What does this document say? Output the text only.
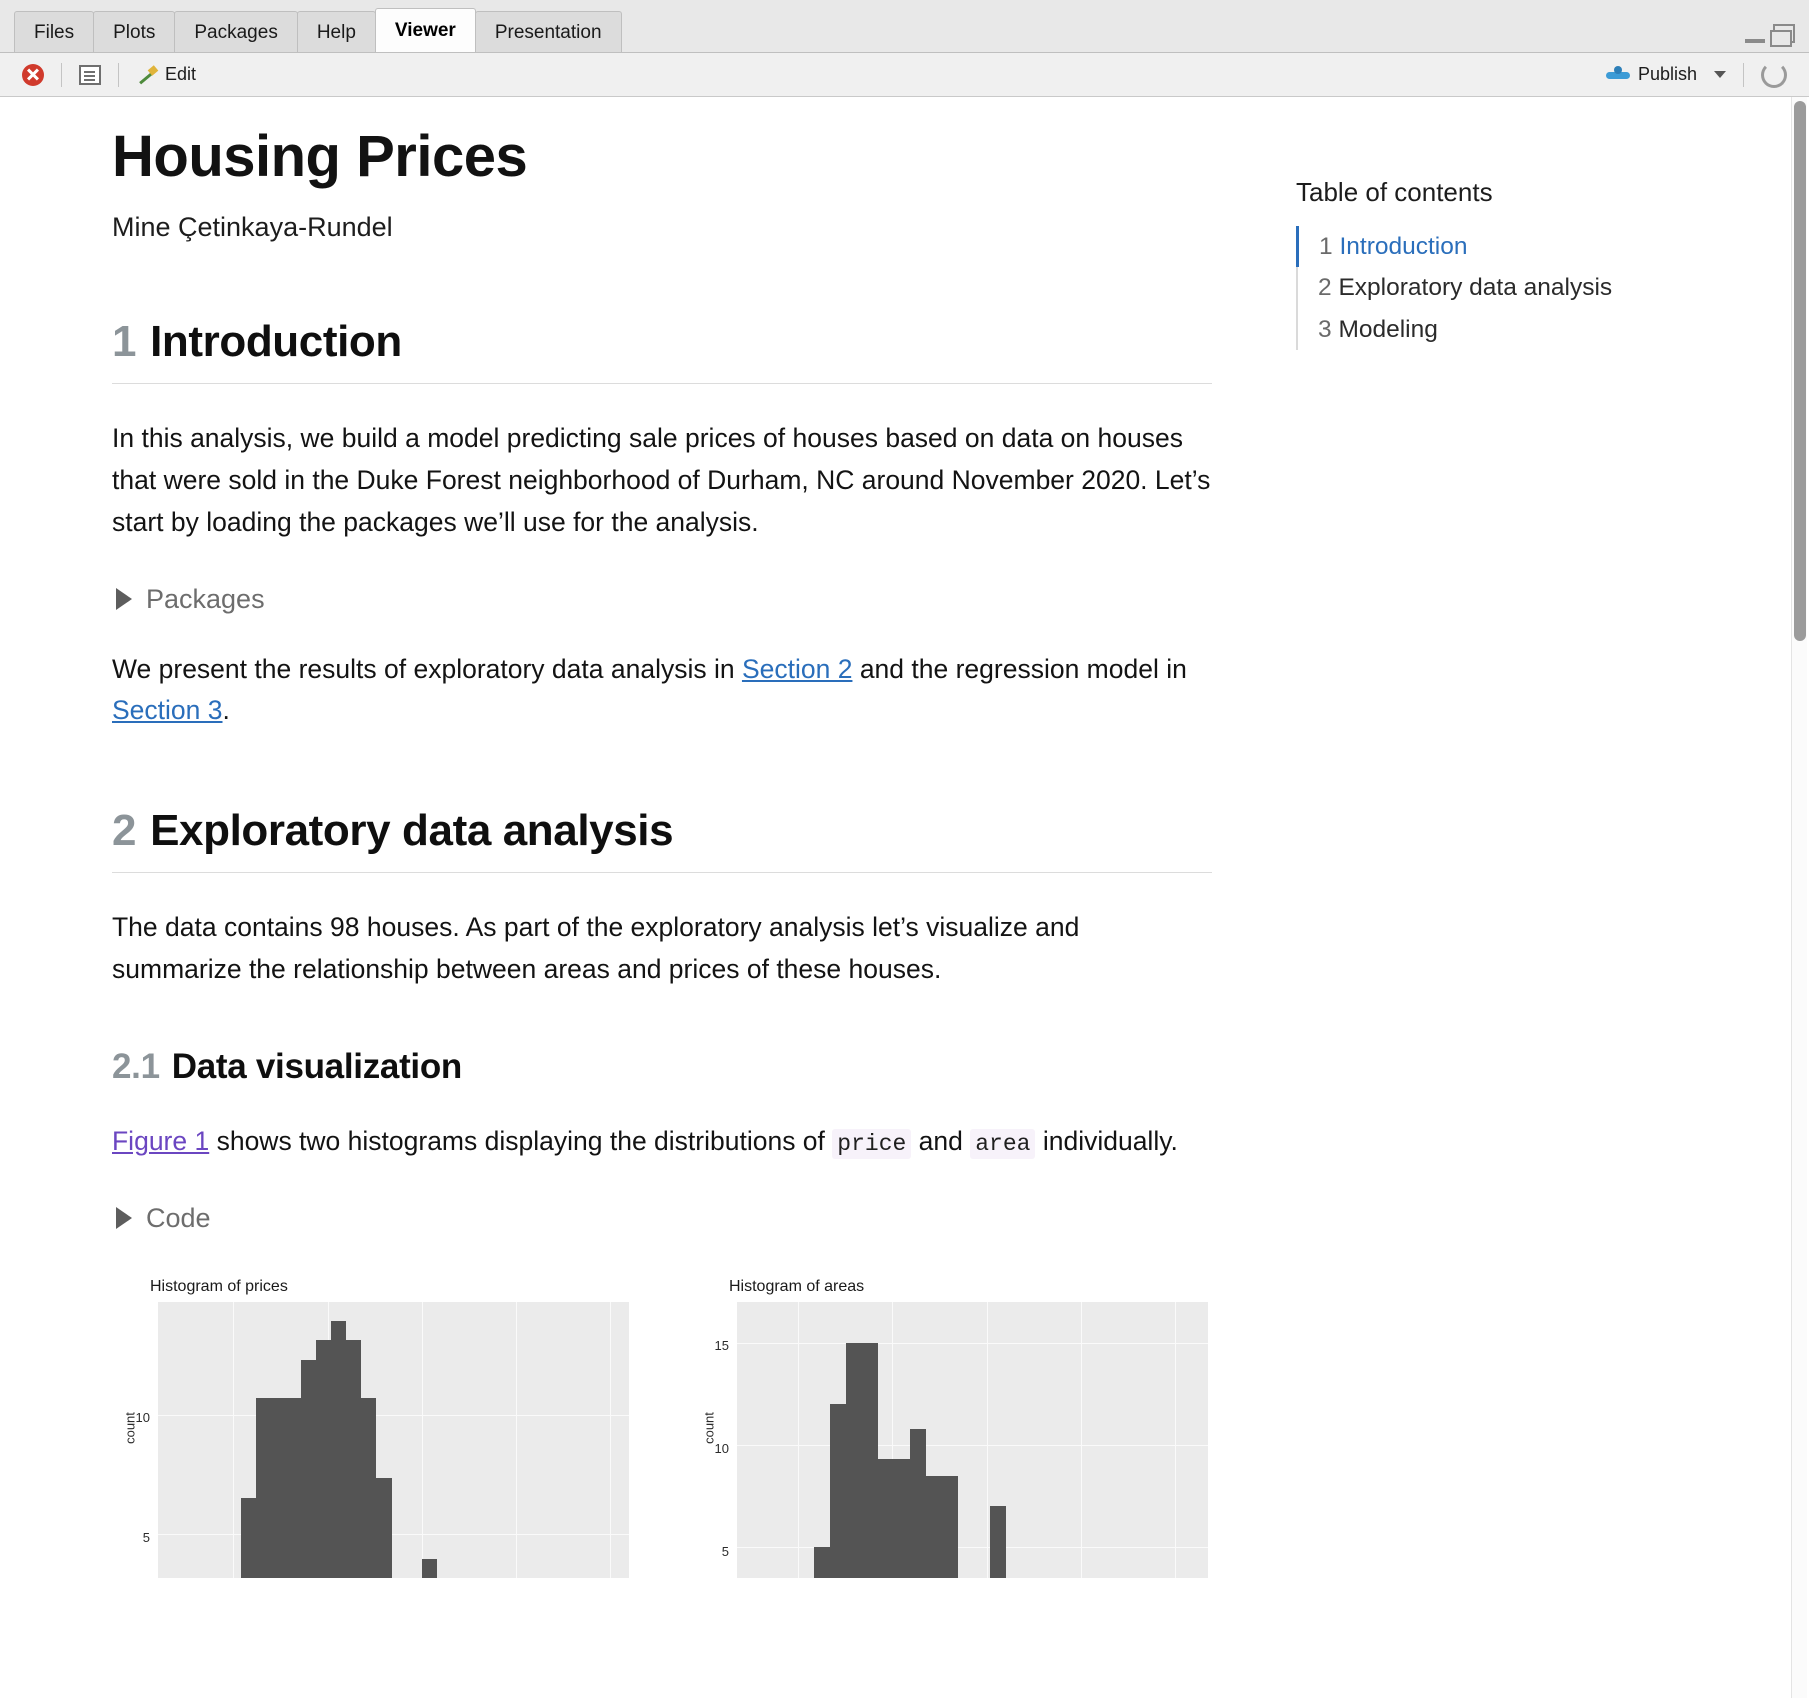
Files	Plots	Packages	Help	Viewer	Presentation
Edit	Publish
Housing Prices
Mine Çetinkaya-Rundel
1 Introduction

In this analysis, we build a model predicting sale prices of houses based on data on houses that were sold in the Duke Forest neighborhood of Durham, NC around November 2020. Let’s start by loading the packages we’ll use for the analysis.

Packages

We present the results of exploratory data analysis in Section 2 and the regression model in Section 3.

2 Exploratory data analysis

The data contains 98 houses. As part of the exploratory analysis let’s visualize and summarize the relationship between areas and prices of these houses.

2.1 Data visualization

Figure 1 shows two histograms displaying the distributions of price and area individually.

Code
Histogram of prices
count
10
5
Histogram of areas
count
15
10
5
Table of contents
1 Introduction
2 Exploratory data analysis
3 Modeling
